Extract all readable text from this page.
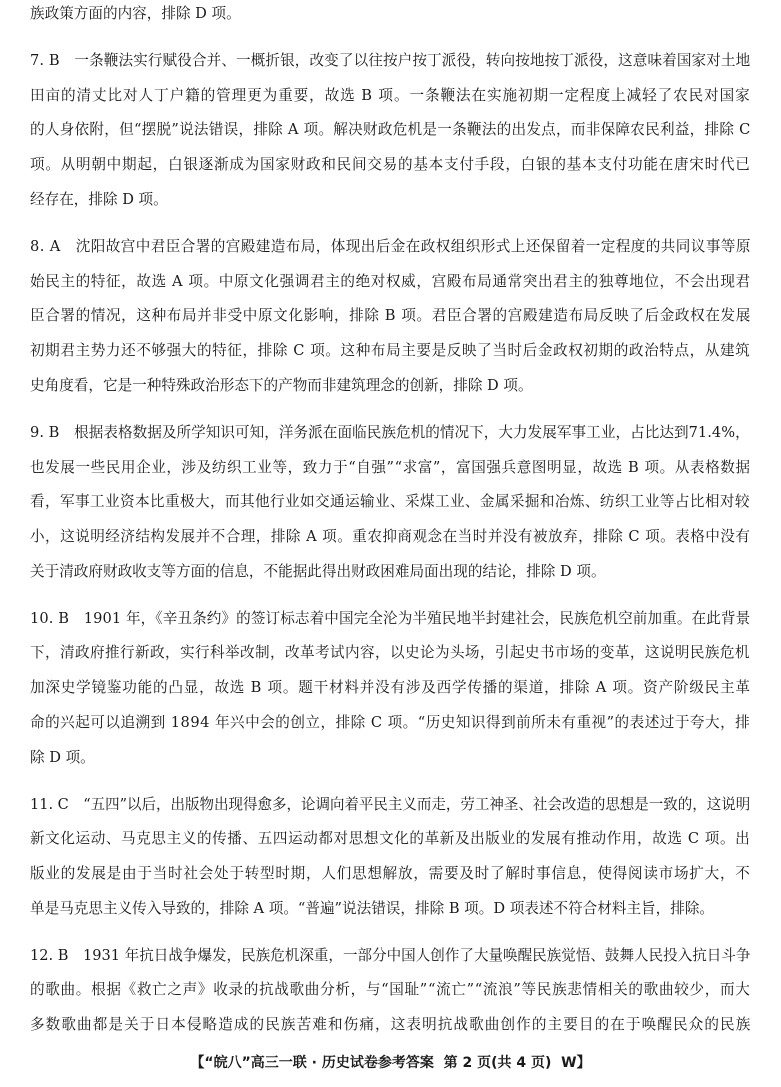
族政策方面的内容，排除 D 项。
7. B　一条鞭法实行赋役合并、一概折银，改变了以往按户按丁派役，转向按地按丁派役，这意味着国家对土地
田亩的清丈比对人丁户籍的管理更为重要，故选 B 项。一条鞭法在实施初期一定程度上减轻了农民对国家
的人身依附，但“摆脱”说法错误，排除 A 项。解决财政危机是一条鞭法的出发点，而非保障农民利益，排除 C
项。从明朝中期起，白银逐渐成为国家财政和民间交易的基本支付手段，白银的基本支付功能在唐宋时代已
经存在，排除 D 项。
8. A　沈阳故宫中君臣合署的宫殿建造布局，体现出后金在政权组织形式上还保留着一定程度的共同议事等原
始民主的特征，故选 A 项。中原文化强调君主的绝对权威，宫殿布局通常突出君主的独尊地位，不会出现君
臣合署的情况，这种布局并非受中原文化影响，排除 B 项。君臣合署的宫殿建造布局反映了后金政权在发展
初期君主势力还不够强大的特征，排除 C 项。这种布局主要是反映了当时后金政权初期的政治特点，从建筑
史角度看，它是一种特殊政治形态下的产物而非建筑理念的创新，排除 D 项。
9. B　根据表格数据及所学知识可知，洋务派在面临民族危机的情况下，大力发展军事工业，占比达到71.4%，
也发展一些民用企业，涉及纺织工业等，致力于“自强”“求富”，富国强兵意图明显，故选 B 项。从表格数据
看，军事工业资本比重极大，而其他行业如交通运输业、采煤工业、金属采掘和冶炼、纺织工业等占比相对较
小，这说明经济结构发展并不合理，排除 A 项。重农抑商观念在当时并没有被放弃，排除 C 项。表格中没有
关于清政府财政收支等方面的信息，不能据此得出财政困难局面出现的结论，排除 D 项。
10. B　1901 年，《辛丑条约》的签订标志着中国完全沦为半殖民地半封建社会，民族危机空前加重。在此背景
下，清政府推行新政，实行科举改制，改革考试内容，以史论为头场，引起史书市场的变革，这说明民族危机
加深史学镜鉴功能的凸显，故选 B 项。题干材料并没有涉及西学传播的渠道，排除 A 项。资产阶级民主革
命的兴起可以追溯到 1894 年兴中会的创立，排除 C 项。“历史知识得到前所未有重视”的表述过于夸大，排
除 D 项。
11. C　“五四”以后，出版物出现得愈多，论调向着平民主义而走，劳工神圣、社会改造的思想是一致的，这说明
新文化运动、马克思主义的传播、五四运动都对思想文化的革新及出版业的发展有推动作用，故选 C 项。出
版业的发展是由于当时社会处于转型时期，人们思想解放，需要及时了解时事信息，使得阅读市场扩大，不
单是马克思主义传入导致的，排除 A 项。“普遍”说法错误，排除 B 项。D 项表述不符合材料主旨，排除。
12. B　1931 年抗日战争爆发，民族危机深重，一部分中国人创作了大量唤醒民族觉悟、鼓舞人民投入抗日斗争
的歌曲。根据《救亡之声》收录的抗战歌曲分析，与“国耻”“流亡”“流浪”等民族悲情相关的歌曲较少，而大
多数歌曲都是关于日本侵略造成的民族苦难和伤痛，这表明抗战歌曲创作的主要目的在于唤醒民众的民族
【“皖八”高三一联 · 历史试卷参考答案 第 2 页(共 4 页) W】
